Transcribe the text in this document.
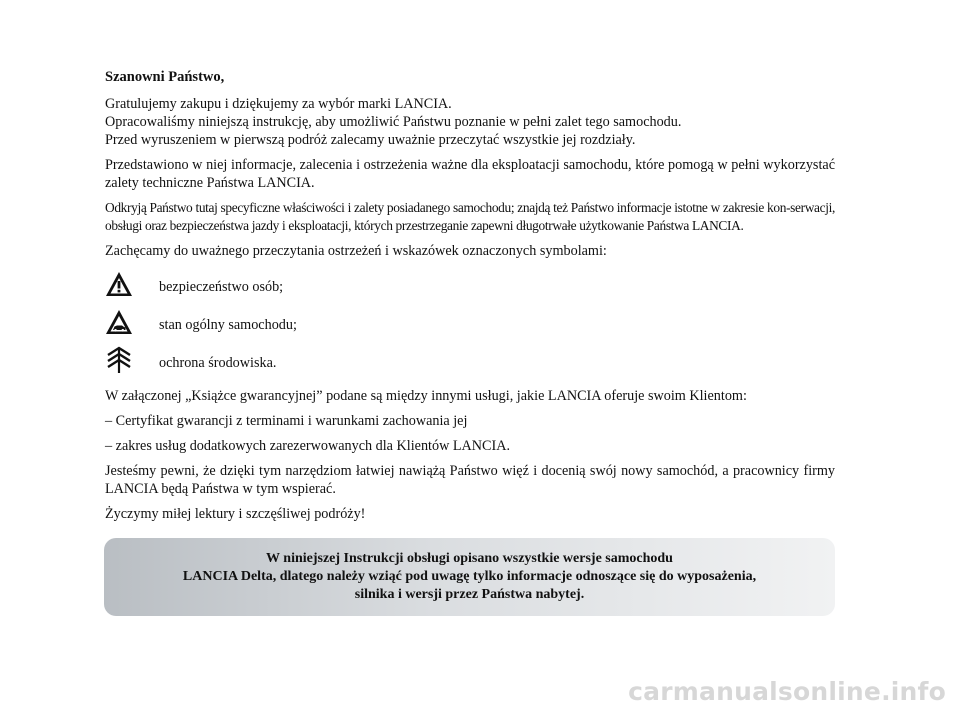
Szanowni Państwo,

Gratulujemy zakupu i dziękujemy za wybór marki LANCIA.

Opracowaliśmy niniejszą instrukcję, aby umożliwić Państwu poznanie w pełni zalet tego samochodu.

Przed wyruszeniem w pierwszą podróż zalecamy uważnie przeczytać wszystkie jej rozdziały.

Przedstawiono w niej informacje, zalecenia i ostrzeżenia ważne dla eksploatacji samochodu, które pomogą w pełni wykorzystać zalety techniczne Państwa LANCIA.

Odkryją Państwo tutaj specyficzne właściwości i zalety posiadanego samochodu; znajdą też Państwo informacje istotne w zakresie kon-serwacji, obsługi oraz bezpieczeństwa jazdy i eksploatacji, których przestrzeganie zapewni długotrwałe użytkowanie Państwa LANCIA.

Zachęcamy do uważnego przeczytania ostrzeżeń i wskazówek oznaczonych symbolami:

bezpieczeństwo osób;
stan ogólny samochodu;
ochrona środowiska.

W załączonej „Książce gwarancyjnej” podane są między innymi usługi, jakie LANCIA oferuje swoim Klientom:

– Certyfikat gwarancji z terminami i warunkami zachowania jej

– zakres usług dodatkowych zarezerwowanych dla Klientów LANCIA.

Jesteśmy pewni, że dzięki tym narzędziom łatwiej nawiążą Państwo więź i docenią swój nowy samochód, a pracownicy firmy LANCIA będą Państwa w tym wspierać.

Życzymy miłej lektury i szczęśliwej podróży!

W niniejszej Instrukcji obsługi opisano wszystkie wersje samochodu
LANCIA Delta, dlatego należy wziąć pod uwagę tylko informacje odnoszące się do wyposażenia,
silnika i wersji przez Państwa nabytej.
carmanualsonline.info
